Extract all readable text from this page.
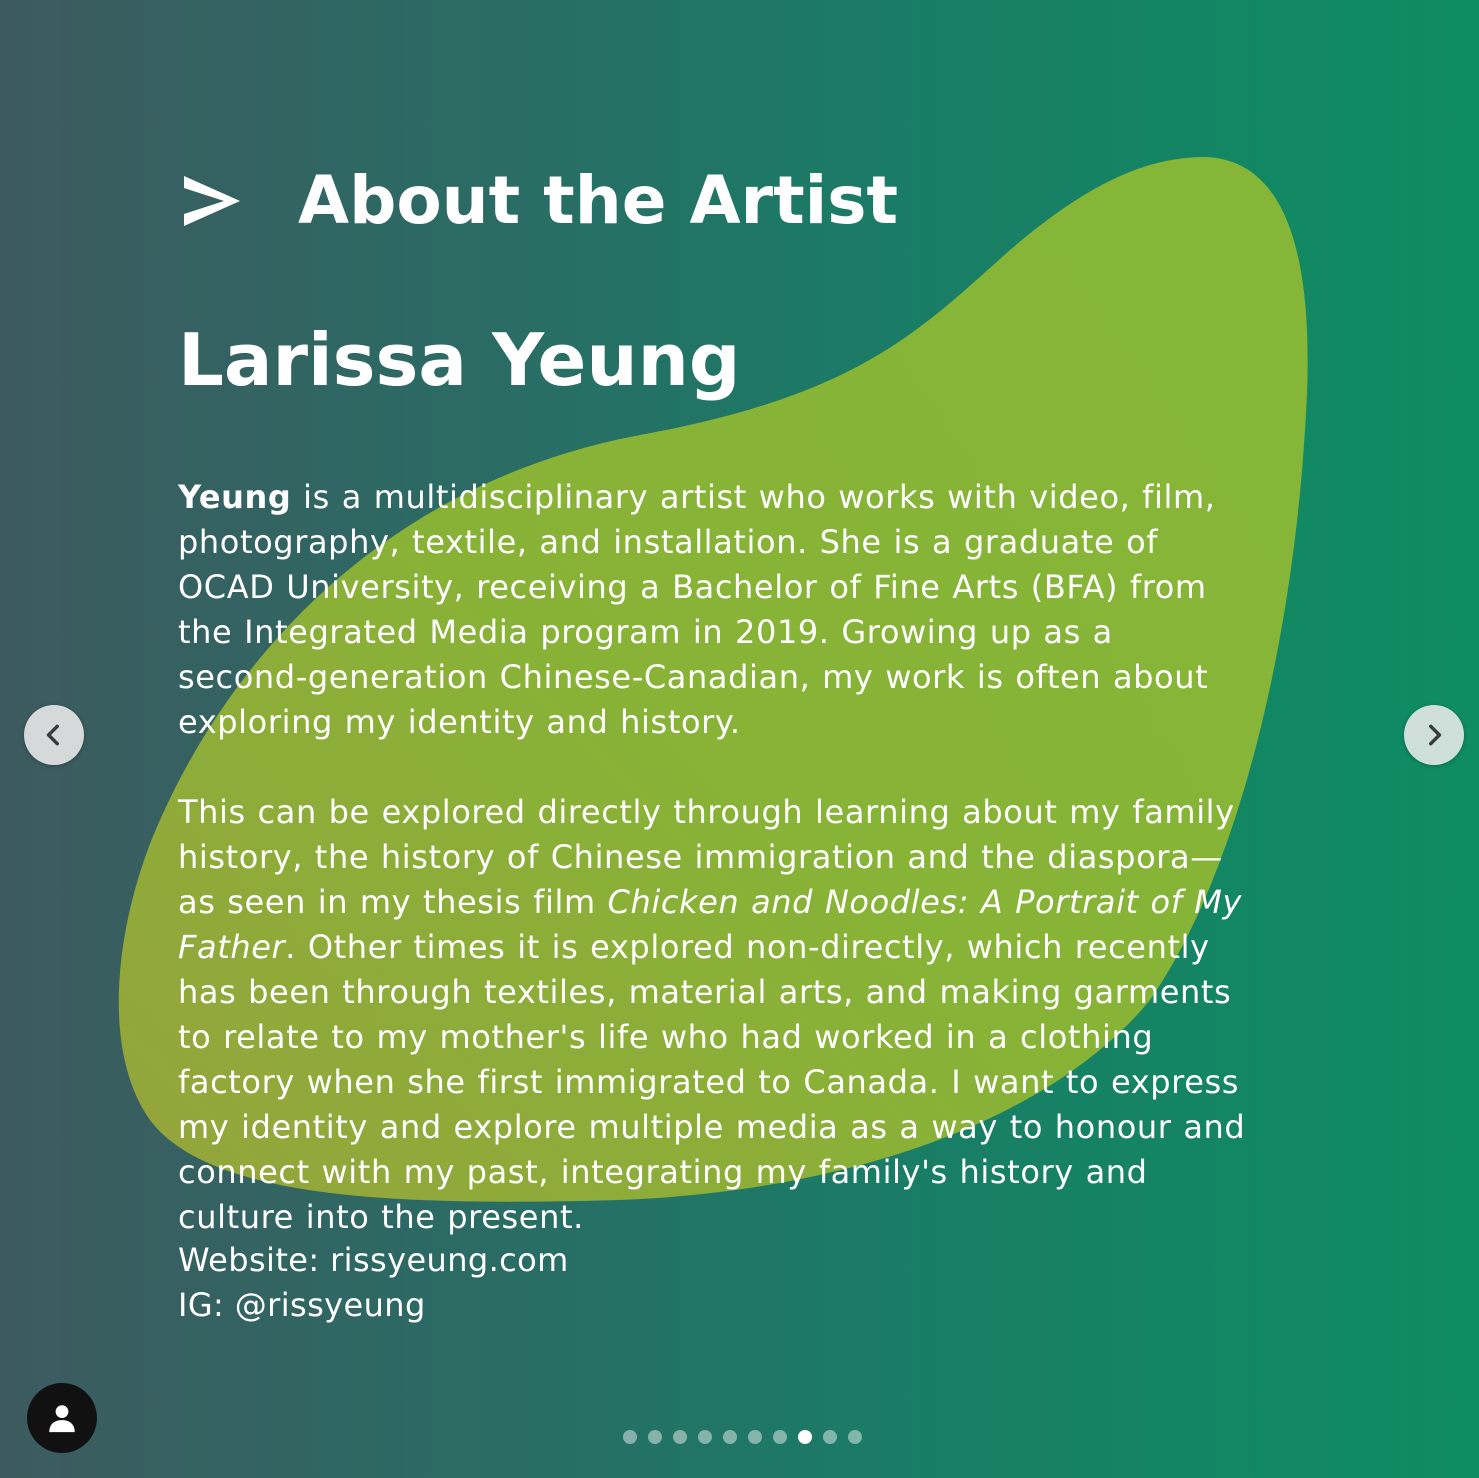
About the Artist
Larissa Yeung

Yeung is a multidisciplinary artist who works with video, film, photography, textile, and installation. She is a graduate of OCAD University, receiving a Bachelor of Fine Arts (BFA) from the Integrated Media program in 2019. Growing up as a second-generation Chinese-Canadian, my work is often about exploring my identity and history.

This can be explored directly through learning about my family history, the history of Chinese immigration and the diaspora—as seen in my thesis film Chicken and Noodles: A Portrait of My Father. Other times it is explored non-directly, which recently has been through textiles, material arts, and making garments to relate to my mother's life who had worked in a clothing factory when she first immigrated to Canada. I want to express my identity and explore multiple media as a way to honour and connect with my past, integrating my family's history and culture into the present.

Website: rissyeung.com
IG: @rissyeung
